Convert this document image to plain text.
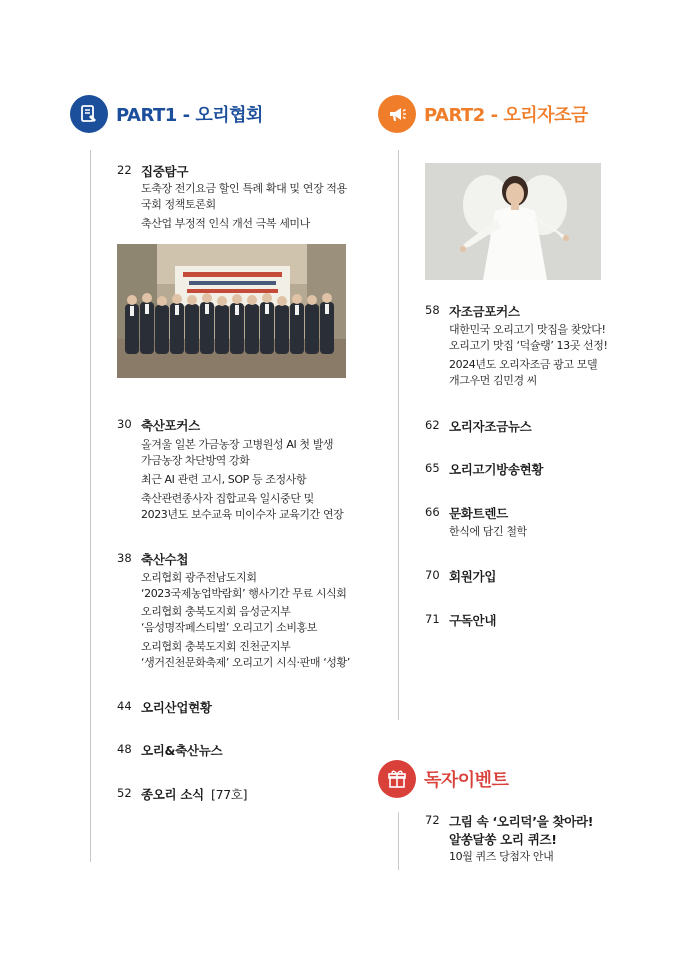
PART1 - 오리협회	PART2 - 오리자조금
22 집중탐구
도축장 전기요금 할인 특례 확대 및 연장 적용
국회 정책토론회
축산업 부정적 인식 개선 극복 세미나
30 축산포커스
올겨울 일본 가금농장 고병원성 AI 첫 발생
가금농장 차단방역 강화
최근 AI 관련 고시, SOP 등 조정사항
축산관련종사자 집합교육 일시중단 및
2023년도 보수교육 미이수자 교육기간 연장
38 축산수첩
오리협회 광주전남도지회
‘2023국제농업박람회’ 행사기간 무료 시식회
오리협회 충북도지회 음성군지부
‘음성명작페스티벌’ 오리고기 소비홍보
오리협회 충북도지회 진천군지부
‘생거진천문화축제’ 오리고기 시식·판매 ‘성황’
44 오리산업현황
48 오리&축산뉴스
52 종오리 소식 [77호]
58 자조금포커스
대한민국 오리고기 맛집을 찾았다!
오리고기 맛집 ‘덕슐랭’ 13곳 선정!
2024년도 오리자조금 광고 모델
개그우먼 김민경 씨
62 오리자조금뉴스
65 오리고기방송현황
66 문화트렌드
한식에 담긴 철학
70 회원가입
71 구독안내
독자이벤트
72 그림 속 ‘오리덕’을 찾아라!
알쏭달쏭 오리 퀴즈!
10월 퀴즈 당첨자 안내
